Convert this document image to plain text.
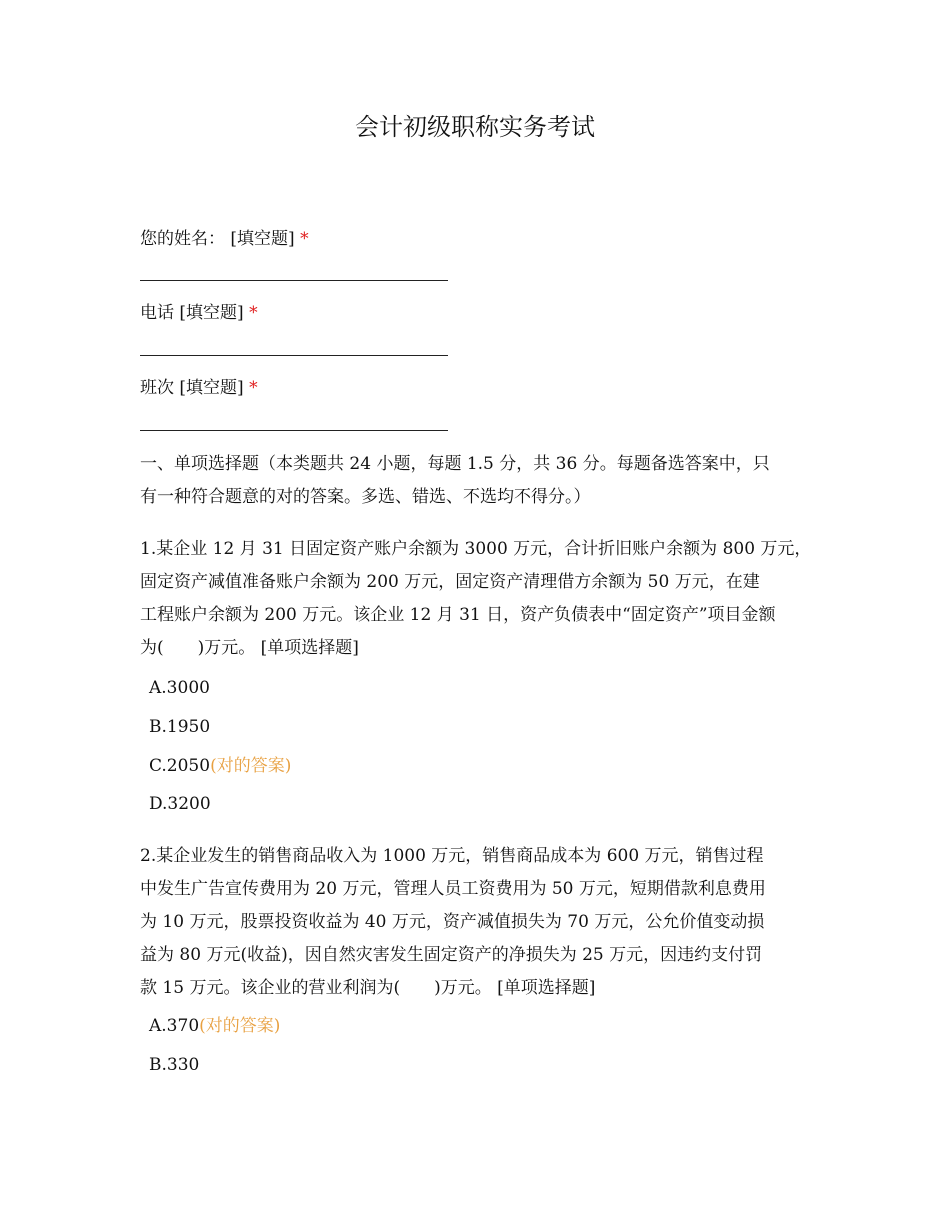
会计初级职称实务考试
您的姓名： [填空题] *
电话 [填空题] *
班次 [填空题] *
一、单项选择题（本类题共 24 小题，每题 1.5 分，共 36 分。每题备选答案中，只
有一种符合题意的对的答案。多选、错选、不选均不得分。）
1.某企业 12 月 31 日固定资产账户余额为 3000 万元，合计折旧账户余额为 800 万元，
固定资产减值准备账户余额为 200 万元，固定资产清理借方余额为 50 万元，在建
工程账户余额为 200 万元。该企业 12 月 31 日，资产负债表中“固定资产”项目金额
为(　　)万元。 [单项选择题]
A.3000
B.1950
C.2050(对的答案)
D.3200
2.某企业发生的销售商品收入为 1000 万元，销售商品成本为 600 万元，销售过程
中发生广告宣传费用为 20 万元，管理人员工资费用为 50 万元，短期借款利息费用
为 10 万元，股票投资收益为 40 万元，资产减值损失为 70 万元，公允价值变动损
益为 80 万元(收益)，因自然灾害发生固定资产的净损失为 25 万元，因违约支付罚
款 15 万元。该企业的营业利润为(　　)万元。 [单项选择题]
A.370(对的答案)
B.330
